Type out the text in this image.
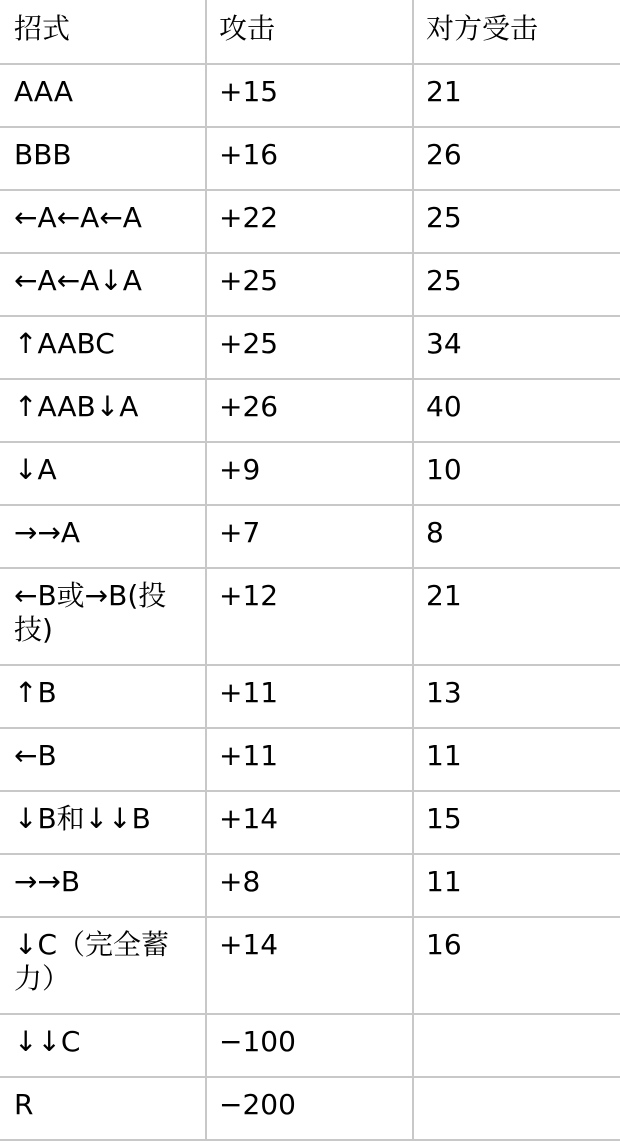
招式	攻击	对方受击
AAA	+15	21
BBB	+16	26
←A←A←A	+22	25
←A←A↓A	+25	25
↑AABC	+25	34
↑AAB↓A	+26	40
↓A	+9	10
→→A	+7	8
←B或→B(投技)	+12	21
↑B	+11	13
←B	+11	11
↓B和↓↓B	+14	15
→→B	+8	11
↓C（完全蓄力）	+14	16
↓↓C	−100	
R	−200	
